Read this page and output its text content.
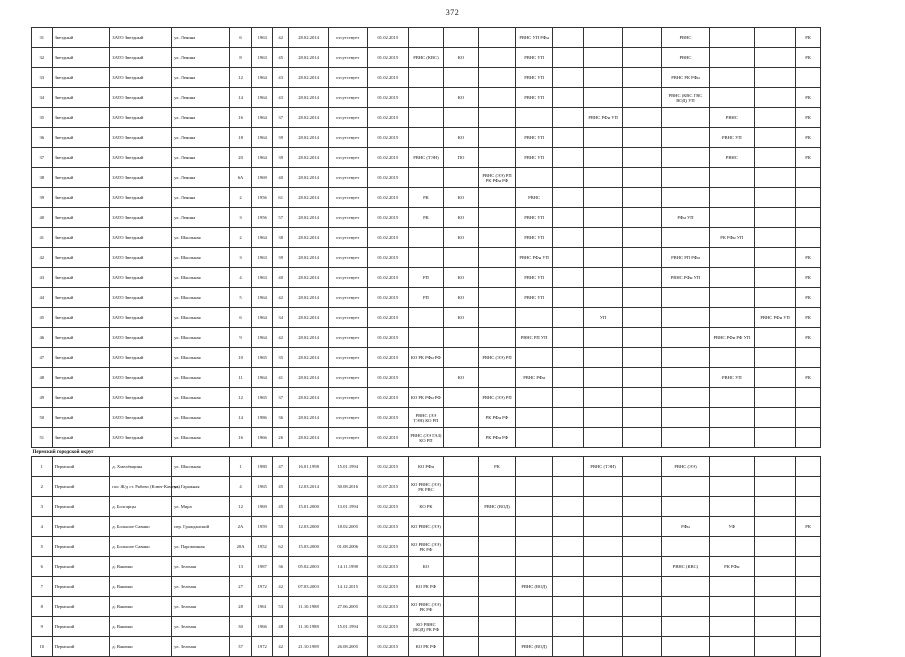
372
31	Звездный	ЗАТО Звездный	ул. Ленина	6	1963	42	28.02.2014	отсутствует	01.02.2015				РВНС УП РФн				РВНС			РК
32	Звездный	ЗАТО Звездный	ул. Ленина	8	1963	45	28.02.2014	отсутствует	01.02.2015	РВНС (КВС)	КО		РВНС УП				РВНС			РК
33	Звездный	ЗАТО Звездный	ул. Ленина	12	1964	43	28.02.2014	отсутствует	01.02.2015				РВНС УП				РВНС РК РФн			
34	Звездный	ЗАТО Звездный	ул. Ленина	14	1964	43	28.02.2014	отсутствует	01.02.2015		КО		РВНС УП				РВНС (КВС ГВС ВОД) УП			РК
35	Звездный	ЗАТО Звездный	ул. Ленина	16	1964	37	28.02.2014	отсутствует	01.02.2015						РВНС РФн УП			РВНС		РК
36	Звездный	ЗАТО Звездный	ул. Ленина	18	1964	39	28.02.2014	отсутствует	01.02.2015		КО		РВНС УП					РВНС УП		РК
37	Звездный	ЗАТО Звездный	ул. Ленина	20	1964	39	28.02.2014	отсутствует	01.02.2015	РВНС (ТЭН)	ПО		РВНС УП					РВНС		РК
38	Звездный	ЗАТО Звездный	ул. Ленина	6А	1969	40	28.02.2014	отсутствует	01.02.2015			РВНС (ЭЭ) РП РК РФн РФ								
39	Звездный	ЗАТО Звездный	ул. Ленина	2	1956	61	28.02.2014	отсутствует	01.02.2015	РК	КО		РВНС							
40	Звездный	ЗАТО Звездный	ул. Ленина	3	1956	57	28.02.2014	отсутствует	01.02.2015	РК	КО		РВНС УП				РФн УП			
41	Звездный	ЗАТО Звездный	ул. Школьная	2	1964	38	28.02.2014	отсутствует	01.02.2015		КО		РВНС УП					РК РФн УП		
42	Звездный	ЗАТО Звездный	ул. Школьная	3	1963	39	28.02.2014	отсутствует	01.02.2015				РВНС РФн УП				РВНС РП РФн			РК
43	Звездный	ЗАТО Звездный	ул. Школьная	4	1963	40	28.02.2014	отсутствует	01.02.2015	РП	КО		РВНС УП				РВНС РФн УП			РК
44	Звездный	ЗАТО Звездный	ул. Школьная	5	1964	42	28.02.2014	отсутствует	01.02.2015	РП	КО		РВНС УП							РК
45	Звездный	ЗАТО Звездный	ул. Школьная	6	1964	34	28.02.2014	отсутствует	01.02.2015		КО				УП				РВНС РФн УП	РК
46	Звездный	ЗАТО Звездный	ул. Школьная	9	1964	42	28.02.2014	отсутствует	01.02.2015				РВНС РП УП					РВНС РФн РФ УП		РК
47	Звездный	ЗАТО Звездный	ул. Школьная	10	1965	35	28.02.2014	отсутствует	01.02.2015	КО РК РФн РФ		РВНС (ЭЭ) РП								
48	Звездный	ЗАТО Звездный	ул. Школьная	11	1964	41	28.02.2014	отсутствует	01.02.2015		КО		РВНС РФн					РВНС УП		РК
49	Звездный	ЗАТО Звездный	ул. Школьная	12	1965	37	28.02.2014	отсутствует	01.02.2015	КО РК РФн РФ		РВНС (ЭЭ) РП								
50	Звездный	ЗАТО Звездный	ул. Школьная	14	1986	36	28.02.2014	отсутствует	01.02.2015	РВНС (ЭЭ ТЭН) КО РП		РК РФн РФ								
51	Звездный	ЗАТО Звездный	ул. Школьная	16	1966	26	28.02.2014	отсутствует	01.02.2015	РВНС (ЭЭ ГАЗ) КО РП		РК РФн РФ								
Пермский городской округ																				
1	Пермский	д. Хмелёвщина	ул. Школьная	1	1980	47	16.01.1998	15.01.1994	01.02.2015	КО РФн		РК			РВНС (ТЭН)		РВНС (ЭЭ)			
2	Пермский	пос Ж/д ст. Рябово (Ключ-Камень)	ул. Гаражная	4	1965	45	12.03.2014	30.08.2016	01.07.2015	КО РВНС (ЭЭ) РК РВС										
3	Пермский	д. Болгарцы	ул. Мира	12	1969	45	15.01.2000	13.01.1994	01.02.2015	КО РК		РВНС (ВОД)								
4	Пермский	д. Большое Савино	пер. Гражданский	2А	1959	55	12.03.2000	18.02.2005	01.02.2015	КО РВНС (ЭЭ)							РФн	УФ		РК
5	Пермский	д. Большое Савино	ул. Пароменная	20А	1952	62	15.03.2000	01.08.2006	01.02.2015	КО РВНС (ЭЭ) РК РФ										
6	Пермский	д. Ванюки	ул. Зеленая	13	1987	36	05.02.2003	14.11.1998	01.02.2015	КО							РВНС (КВС)	РК РФн		
7	Пермский	д. Ванюки	ул. Зеленая	27	1972	42	07.03.2003	14.12.2015	01.02.2015	КО РК РФ			РВНС (ВОД)							
8	Пермский	д. Ванюки	ул. Зеленая	28	1961	53	11.10.1988	27.06.2005	01.02.2015	КО РВНС (ЭЭ) РК РФ										
9	Пермский	д. Ванюки	ул. Зеленая	30	1966	48	11.10.1988	15.01.1994	01.02.2015	КО РВНС (ВОД) РК РФ										
10	Пермский	д. Ванюки	ул. Зеленая	37	1972	42	21.10.1989	26.08.2005	01.02.2015	КО РК РФ			РВНС (ВОД)							
